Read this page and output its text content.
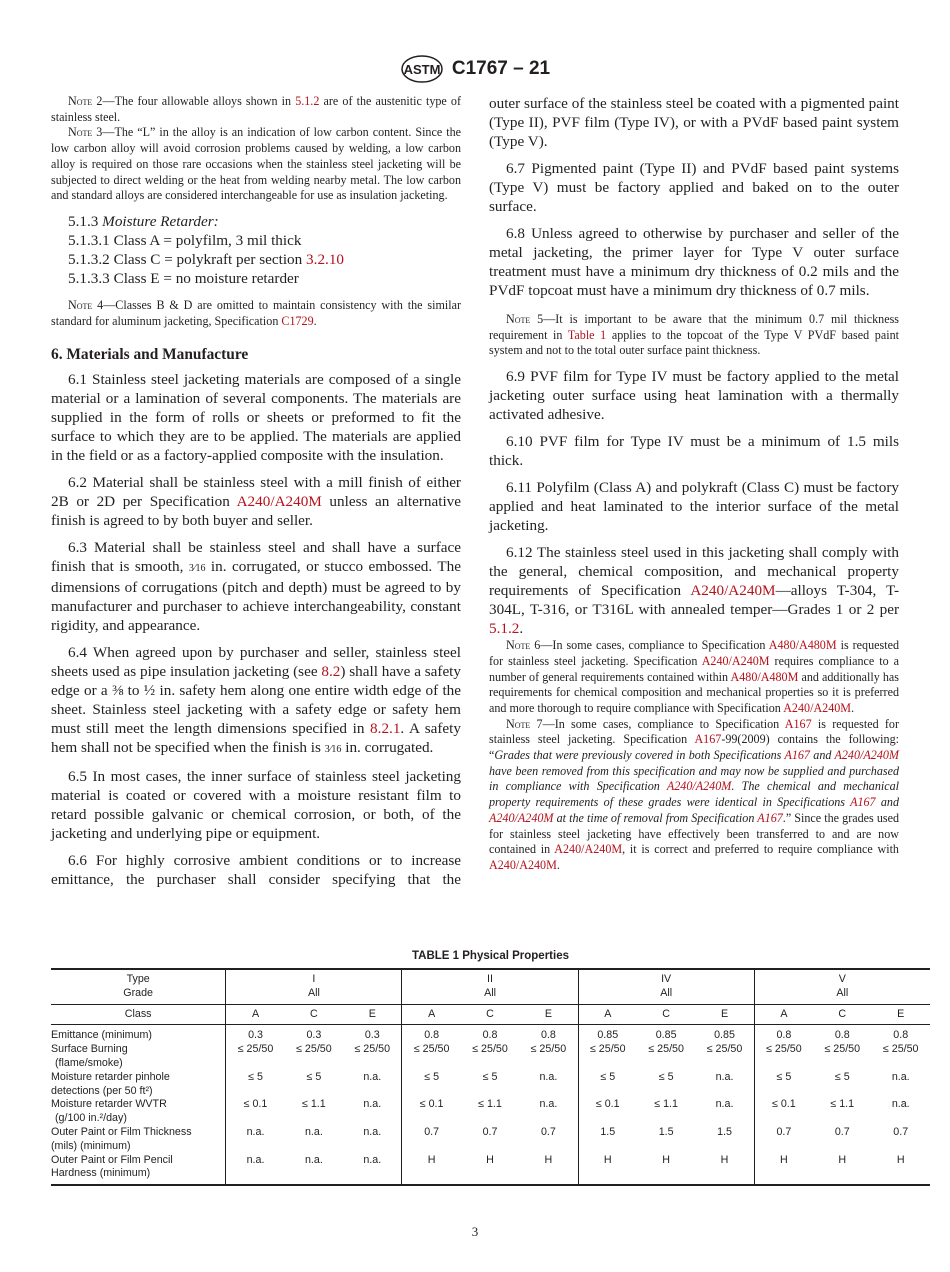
ASTM C1767 – 21

Note 2—The four allowable alloys shown in 5.1.2 are of the austenitic type of stainless steel.

Note 3—The “L” in the alloy is an indication of low carbon content. Since the low carbon alloy will avoid corrosion problems caused by welding, a low carbon alloy is required on those rare occasions when the stainless steel jacketing will be subjected to direct welding or the heat from welding nearby metal. The low carbon and standard alloys are considered interchangeable for use as insulation jacketing.

5.1.3 Moisture Retarder:

5.1.3.1 Class A = polyfilm, 3 mil thick

5.1.3.2 Class C = polykraft per section 3.2.10

5.1.3.3 Class E = no moisture retarder

Note 4—Classes B & D are omitted to maintain consistency with the similar standard for aluminum jacketing, Specification C1729.

6. Materials and Manufacture

6.1 Stainless steel jacketing materials are composed of a single material or a lamination of several components. The materials are supplied in the form of rolls or sheets or preformed to fit the surface to which they are to be applied. The materials are applied in the field or as a factory-applied composite with the insulation.

6.2 Material shall be stainless steel with a mill finish of either 2B or 2D per Specification A240/A240M unless an alternative finish is agreed to by both buyer and seller.

6.3 Material shall be stainless steel and shall have a surface finish that is smooth, 3⁄16 in. corrugated, or stucco embossed. The dimensions of corrugations (pitch and depth) must be agreed to by manufacturer and purchaser to achieve interchangeability, constant rigidity, and appearance.

6.4 When agreed upon by purchaser and seller, stainless steel sheets used as pipe insulation jacketing (see 8.2) shall have a safety edge or a ⅜ to ½ in. safety hem along one entire width edge of the sheet. Stainless steel jacketing with a safety edge or safety hem must still meet the length dimensions specified in 8.2.1. A safety hem shall not be specified when the finish is 3⁄16 in. corrugated.

6.5 In most cases, the inner surface of stainless steel jacketing material is coated or covered with a moisture resistant film to retard possible galvanic or chemical corrosion, or both, of the jacketing and underlying pipe or equipment.

6.6 For highly corrosive ambient conditions or to increase emittance, the purchaser shall consider specifying that the

outer surface of the stainless steel be coated with a pigmented paint (Type II), PVF film (Type IV), or with a PVdF based paint system (Type V).

6.7 Pigmented paint (Type II) and PVdF based paint systems (Type V) must be factory applied and baked on to the outer surface.

6.8 Unless agreed to otherwise by purchaser and seller of the metal jacketing, the primer layer for Type V outer surface treatment must have a minimum dry thickness of 0.2 mils and the PVdF topcoat must have a minimum dry thickness of 0.7 mils.

Note 5—It is important to be aware that the minimum 0.7 mil thickness requirement in Table 1 applies to the topcoat of the Type V PVdF based paint system and not to the total outer surface paint thickness.

6.9 PVF film for Type IV must be factory applied to the metal jacketing outer surface using heat lamination with a thermally activated adhesive.

6.10 PVF film for Type IV must be a minimum of 1.5 mils thick.

6.11 Polyfilm (Class A) and polykraft (Class C) must be factory applied and heat laminated to the interior surface of the metal jacketing.

6.12 The stainless steel used in this jacketing shall comply with the general, chemical composition, and mechanical property requirements of Specification A240/A240M—alloys T-304, T-304L, T-316, or T316L with annealed temper—Grades 1 or 2 per 5.1.2.

Note 6—In some cases, compliance to Specification A480/A480M is requested for stainless steel jacketing. Specification A240/A240M requires compliance to a number of general requirements contained within A480/A480M and additionally has requirements for chemical composition and mechanical properties so it is preferred and more thorough to require compliance with Specification A240/A240M.

Note 7—In some cases, compliance to Specification A167 is requested for stainless steel jacketing. Specification A167-99(2009) contains the following: “Grades that were previously covered in both Specifications A167 and A240/A240M have been removed from this specification and may now be supplied and purchased in compliance with Specification A240/A240M. The chemical and mechanical property requirements of these grades were identical in Specifications A167 and A240/A240M at the time of removal from Specification A167.” Since the grades used for stainless steel jacketing have effectively been transferred to and are now contained in A240/A240M, it is correct and preferred to require compliance with A240/A240M.

TABLE 1 Physical Properties
Type	I			II			IV			V		
Grade	All			All			All			All		
Class	A	C	E	A	C	E	A	C	E	A	C	E
Emittance (minimum)	0.3	0.3	0.3	0.8	0.8	0.8	0.85	0.85	0.85	0.8	0.8	0.8

Surface Burning
(flame/smoke)	≤ 25/50	≤ 25/50	≤ 25/50	≤ 25/50	≤ 25/50	≤ 25/50	≤ 25/50	≤ 25/50	≤ 25/50	≤ 25/50	≤ 25/50	≤ 25/50

Moisture retarder pinhole
detections (per 50 ft²)	≤ 5	≤ 5	n.a.	≤ 5	≤ 5	n.a.	≤ 5	≤ 5	n.a.	≤ 5	≤ 5	n.a.

Moisture retarder WVTR
(g/100 in.²/day)	≤ 0.1	≤ 1.1	n.a.	≤ 0.1	≤ 1.1	n.a.	≤ 0.1	≤ 1.1	n.a.	≤ 0.1	≤ 1.1	n.a.

Outer Paint or Film Thickness
(mils) (minimum)	n.a.	n.a.	n.a.	0.7	0.7	0.7	1.5	1.5	1.5	0.7	0.7	0.7

Outer Paint or Film Pencil
Hardness (minimum)	n.a.	n.a.	n.a.	H	H	H	H	H	H	H	H	H
3
